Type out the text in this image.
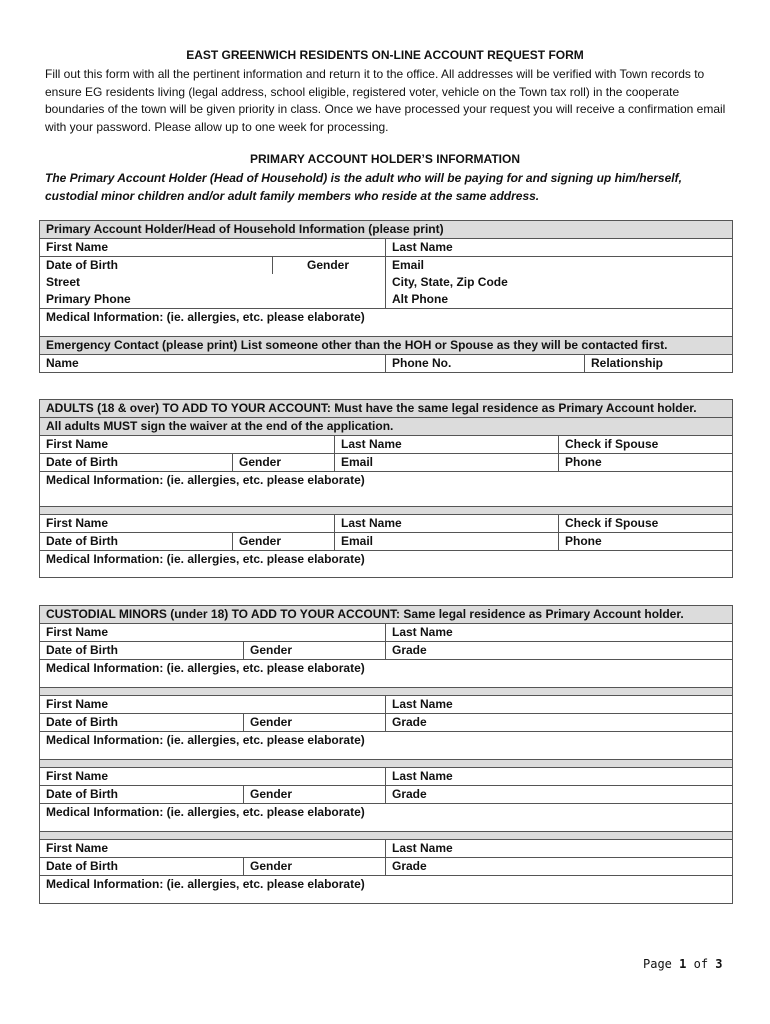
EAST GREENWICH RESIDENTS ON-LINE ACCOUNT REQUEST FORM
Fill out this form with all the pertinent information and return it to the office. All addresses will be verified with Town records to ensure EG residents living (legal address, school eligible, registered voter, vehicle on the Town tax roll) in the cooperate boundaries of the town will be given priority in class. Once we have processed your request you will receive a confirmation email with your password. Please allow up to one week for processing.
PRIMARY ACCOUNT HOLDER’S INFORMATION
The Primary Account Holder (Head of Household) is the adult who will be paying for and signing up him/herself, custodial minor children and/or adult family members who reside at the same address.
Primary Account Holder/Head of Household Information (please print)			
First Name		Last Name	
Date of Birth	Gender	Email	
Street		City, State, Zip Code	
Primary Phone		Alt Phone	
Medical Information: (ie. allergies, etc. please elaborate)			
Emergency Contact (please print) List someone other than the HOH or Spouse as they will be contacted first.			
Name		Phone No.	Relationship
ADULTS (18 & over) TO ADD TO YOUR ACCOUNT: Must have the same legal residence as Primary Account holder.			
All adults MUST sign the waiver at the end of the application.			
First Name		Last Name	Check if Spouse
Date of Birth	Gender	Email	Phone
Medical Information: (ie. allergies, etc. please elaborate)			

First Name		Last Name	Check if Spouse
Date of Birth	Gender	Email	Phone
Medical Information: (ie. allergies, etc. please elaborate)			
CUSTODIAL MINORS (under 18) TO ADD TO YOUR ACCOUNT: Same legal residence as Primary Account holder.		
First Name		Last Name
Date of Birth	Gender	Grade
Medical Information: (ie. allergies, etc. please elaborate)		

First Name		Last Name
Date of Birth	Gender	Grade
Medical Information: (ie. allergies, etc. please elaborate)		

First Name		Last Name
Date of Birth	Gender	Grade
Medical Information: (ie. allergies, etc. please elaborate)		

First Name		Last Name
Date of Birth	Gender	Grade
Medical Information: (ie. allergies, etc. please elaborate)		
Page 1 of 3
